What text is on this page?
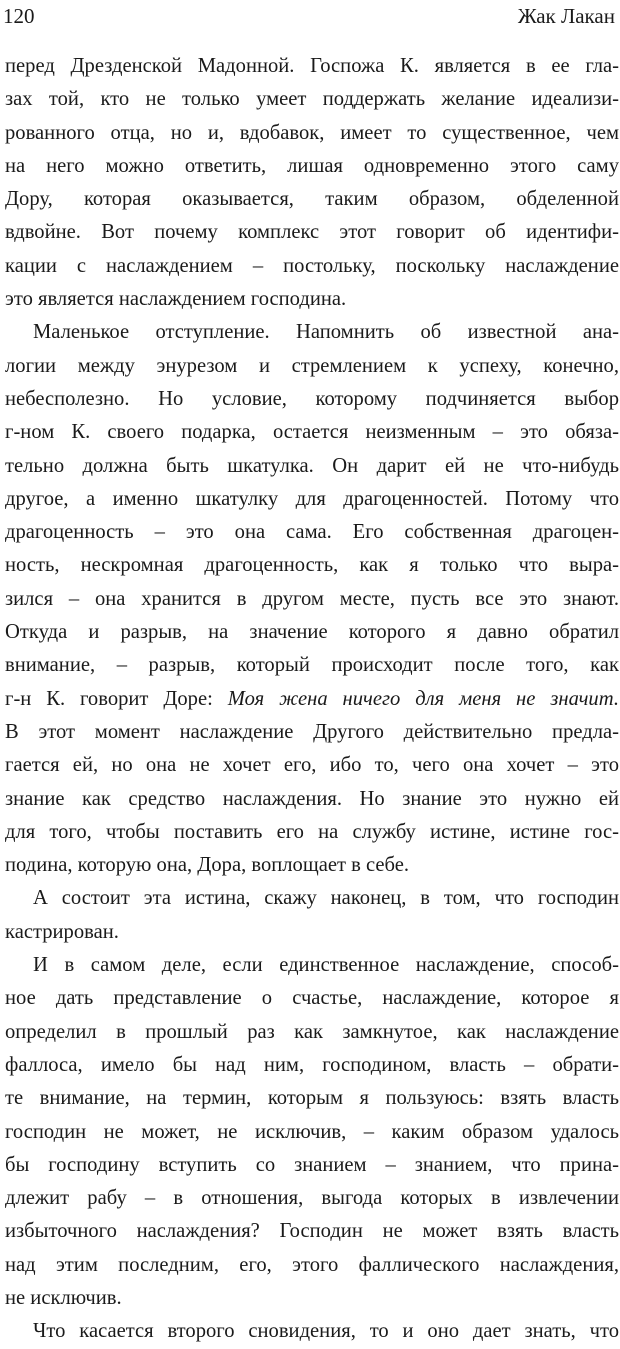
120	Жак Лакан
перед Дрезденской Мадонной. Госпожа К. является в ее гла-
зах той, кто не только умеет поддержать желание идеализи-
рованного отца, но и, вдобавок, имеет то существенное, чем
на него можно ответить, лишая одновременно этого саму
Дору, которая оказывается, таким образом, обделенной
вдвойне. Вот почему комплекс этот говорит об идентифи-
кации с наслаждением – постольку, поскольку наслаждение
это является наслаждением господина.
Маленькое отступление. Напомнить об известной ана-
логии между энурезом и стремлением к успеху, конечно,
небесполезно. Но условие, которому подчиняется выбор
г-ном К. своего подарка, остается неизменным – это обяза-
тельно должна быть шкатулка. Он дарит ей не что-нибудь
другое, а именно шкатулку для драгоценностей. Потому что
драгоценность – это она сама. Его собственная драгоцен-
ность, нескромная драгоценность, как я только что выра-
зился – она хранится в другом месте, пусть все это знают.
Откуда и разрыв, на значение которого я давно обратил
внимание, – разрыв, который происходит после того, как
г-н К. говорит Доре: Моя жена ничего для меня не значит.
В этот момент наслаждение Другого действительно предла-
гается ей, но она не хочет его, ибо то, чего она хочет – это
знание как средство наслаждения. Но знание это нужно ей
для того, чтобы поставить его на службу истине, истине гос-
подина, которую она, Дора, воплощает в себе.
А состоит эта истина, скажу наконец, в том, что господин
кастрирован.
И в самом деле, если единственное наслаждение, способ-
ное дать представление о счастье, наслаждение, которое я
определил в прошлый раз как замкнутое, как наслаждение
фаллоса, имело бы над ним, господином, власть – обрати-
те внимание, на термин, которым я пользуюсь: взять власть
господин не может, не исключив, – каким образом удалось
бы господину вступить со знанием – знанием, что прина-
длежит рабу – в отношения, выгода которых в извлечении
избыточного наслаждения? Господин не может взять власть
над этим последним, его, этого фаллического наслаждения,
не исключив.
Что касается второго сновидения, то и оно дает знать, что
